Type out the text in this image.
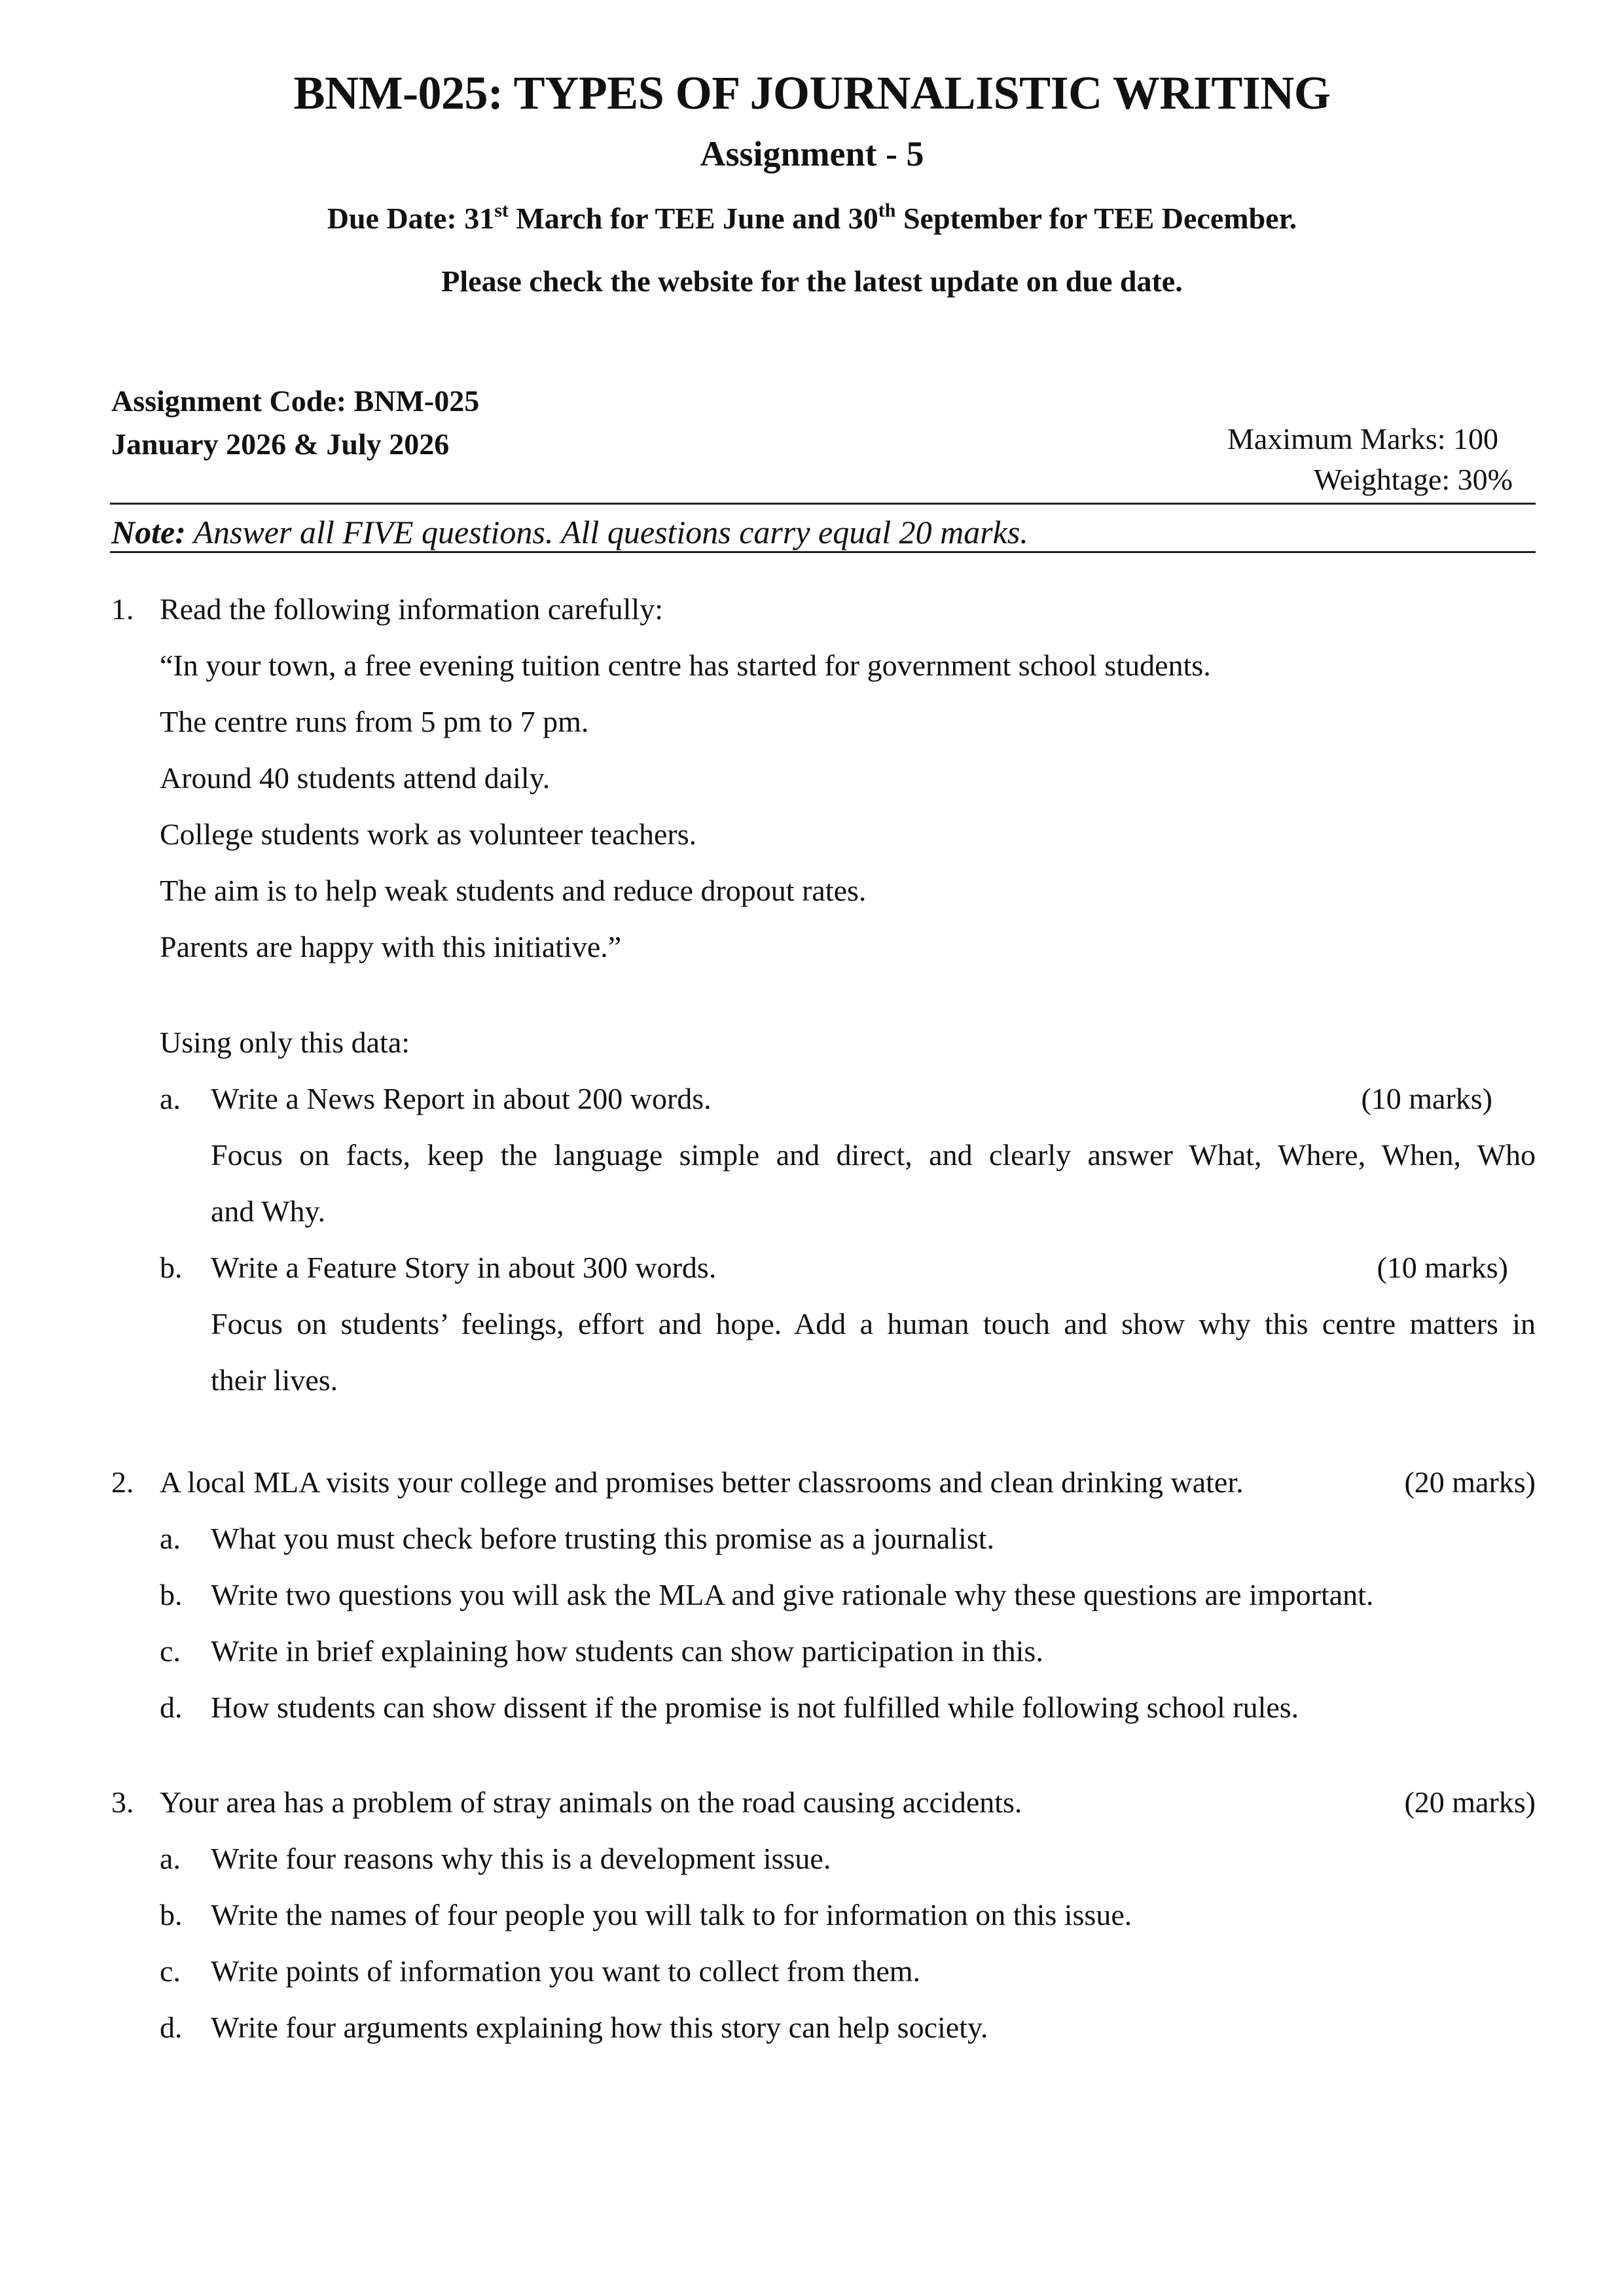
BNM-025: TYPES OF JOURNALISTIC WRITING
Assignment - 5
Due Date: 31st March for TEE June and 30th September for TEE December.
Please check the website for the latest update on due date.
Assignment Code: BNM-025
January 2026 & July 2026	Maximum Marks: 100
Weightage: 30%
Note: Answer all FIVE questions. All questions carry equal 20 marks.
1. Read the following information carefully:
“In your town, a free evening tuition centre has started for government school students.
The centre runs from 5 pm to 7 pm.
Around 40 students attend daily.
College students work as volunteer teachers.
The aim is to help weak students and reduce dropout rates.
Parents are happy with this initiative.”
Using only this data:
a. Write a News Report in about 200 words.	(10 marks)
Focus on facts, keep the language simple and direct, and clearly answer What, Where, When, Who
and Why.
b. Write a Feature Story in about 300 words.	(10 marks)
Focus on students’ feelings, effort and hope. Add a human touch and show why this centre matters in
their lives.
2. A local MLA visits your college and promises better classrooms and clean drinking water.	(20 marks)
a. What you must check before trusting this promise as a journalist.
b. Write two questions you will ask the MLA and give rationale why these questions are important.
c. Write in brief explaining how students can show participation in this.
d. How students can show dissent if the promise is not fulfilled while following school rules.
3. Your area has a problem of stray animals on the road causing accidents.	(20 marks)
a. Write four reasons why this is a development issue.
b. Write the names of four people you will talk to for information on this issue.
c. Write points of information you want to collect from them.
d. Write four arguments explaining how this story can help society.
